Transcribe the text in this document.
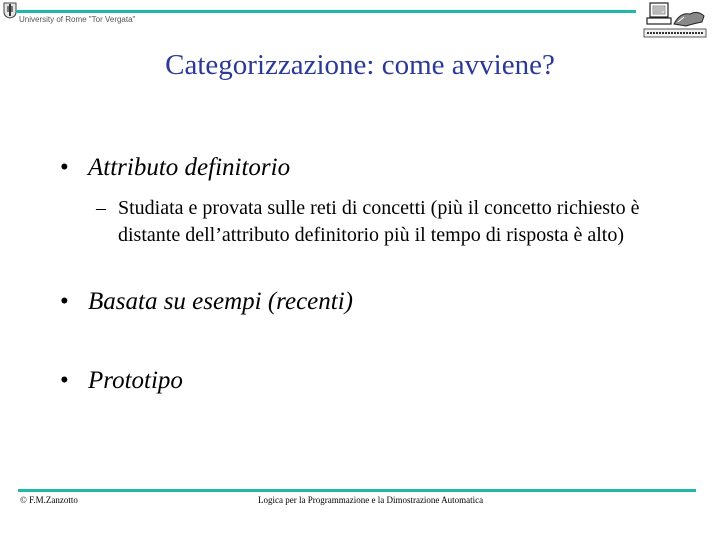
University of Rome "Tor Vergata"
Categorizzazione: come avviene?
• Attributo definitorio
– Studiata e provata sulle reti di concetti (più il concetto richiesto è distante dell’attributo definitorio più il tempo di risposta è alto)
• Basata su esempi (recenti)
• Prototipo
© F.M.Zanzotto	Logica per la Programmazione e la Dimostrazione Automatica
